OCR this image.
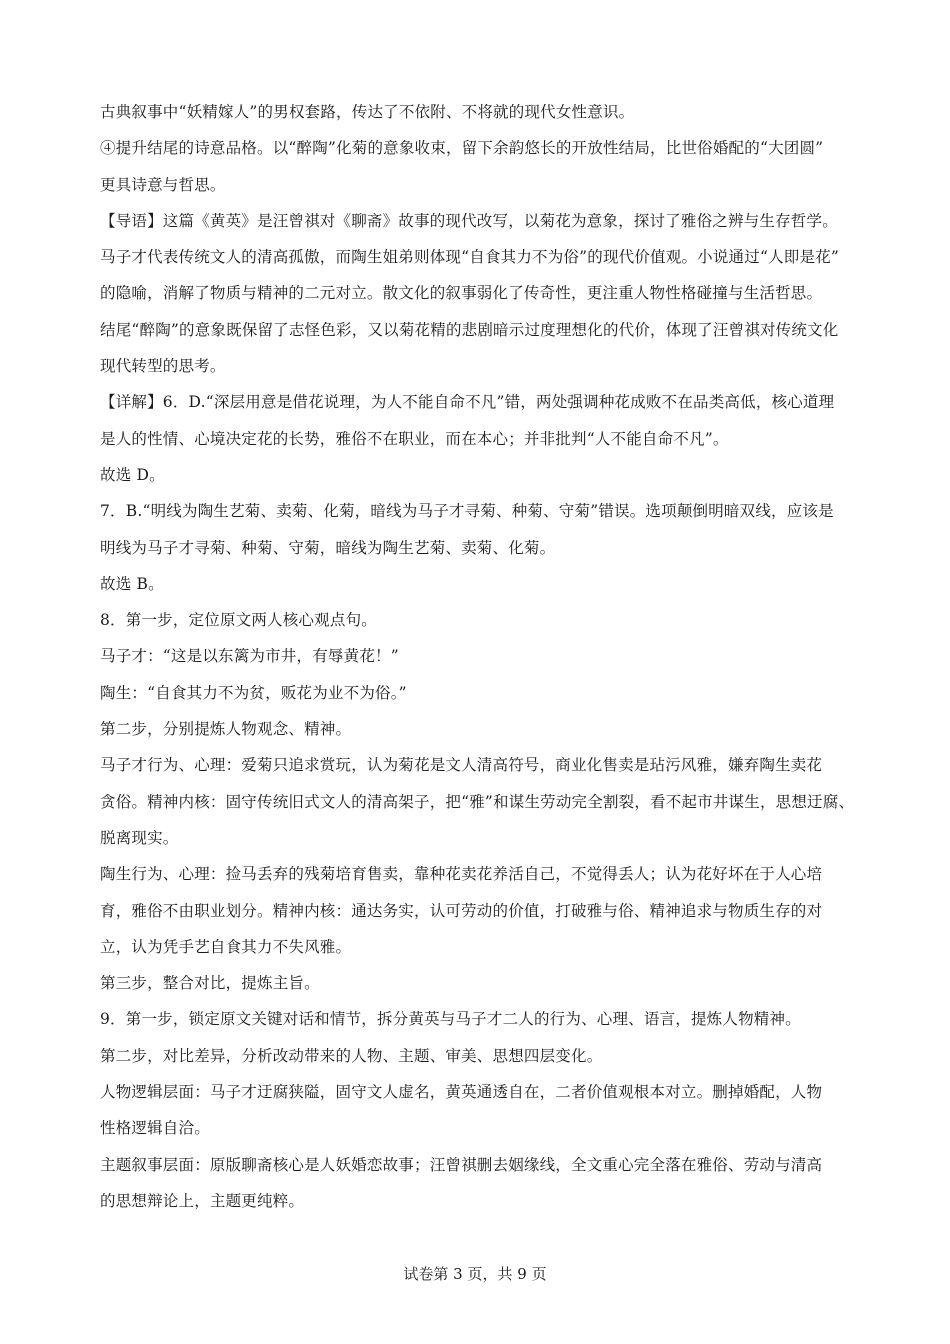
古典叙事中“妖精嫁人”的男权套路，传达了不依附、不将就的现代女性意识。

④提升结尾的诗意品格。以“醉陶”化菊的意象收束，留下余韵悠长的开放性结局，比世俗婚配的“大团圆”

更具诗意与哲思。

【导语】这篇《黄英》是汪曾祺对《聊斋》故事的现代改写，以菊花为意象，探讨了雅俗之辨与生存哲学。

马子才代表传统文人的清高孤傲，而陶生姐弟则体现“自食其力不为俗”的现代价值观。小说通过“人即是花”

的隐喻，消解了物质与精神的二元对立。散文化的叙事弱化了传奇性，更注重人物性格碰撞与生活哲思。

结尾“醉陶”的意象既保留了志怪色彩，又以菊花精的悲剧暗示过度理想化的代价，体现了汪曾祺对传统文化

现代转型的思考。

【详解】6．D.“深层用意是借花说理，为人不能自命不凡”错，两处强调种花成败不在品类高低，核心道理

是人的性情、心境决定花的长势，雅俗不在职业，而在本心；并非批判“人不能自命不凡”。

故选 D。

7．B.“明线为陶生艺菊、卖菊、化菊，暗线为马子才寻菊、种菊、守菊”错误。选项颠倒明暗双线，应该是

明线为马子才寻菊、种菊、守菊，暗线为陶生艺菊、卖菊、化菊。

故选 B。

8．第一步，定位原文两人核心观点句。

马子才：“这是以东篱为市井，有辱黄花！”

陶生：“自食其力不为贫，贩花为业不为俗。”

第二步，分别提炼人物观念、精神。

马子才行为、心理：爱菊只追求赏玩，认为菊花是文人清高符号，商业化售卖是玷污风雅，嫌弃陶生卖花

贪俗。精神内核：固守传统旧式文人的清高架子，把“雅”和谋生劳动完全割裂，看不起市井谋生，思想迂腐、

脱离现实。

陶生行为、心理：捡马丢弃的残菊培育售卖，靠种花卖花养活自己，不觉得丢人；认为花好坏在于人心培

育，雅俗不由职业划分。精神内核：通达务实，认可劳动的价值，打破雅与俗、精神追求与物质生存的对

立，认为凭手艺自食其力不失风雅。

第三步，整合对比，提炼主旨。

9．第一步，锁定原文关键对话和情节，拆分黄英与马子才二人的行为、心理、语言，提炼人物精神。

第二步，对比差异，分析改动带来的人物、主题、审美、思想四层变化。

人物逻辑层面：马子才迂腐狭隘，固守文人虚名，黄英通透自在，二者价值观根本对立。删掉婚配，人物

性格逻辑自洽。

主题叙事层面：原版聊斋核心是人妖婚恋故事；汪曾祺删去姻缘线，全文重心完全落在雅俗、劳动与清高

的思想辩论上，主题更纯粹。

试卷第 3 页，共 9 页
